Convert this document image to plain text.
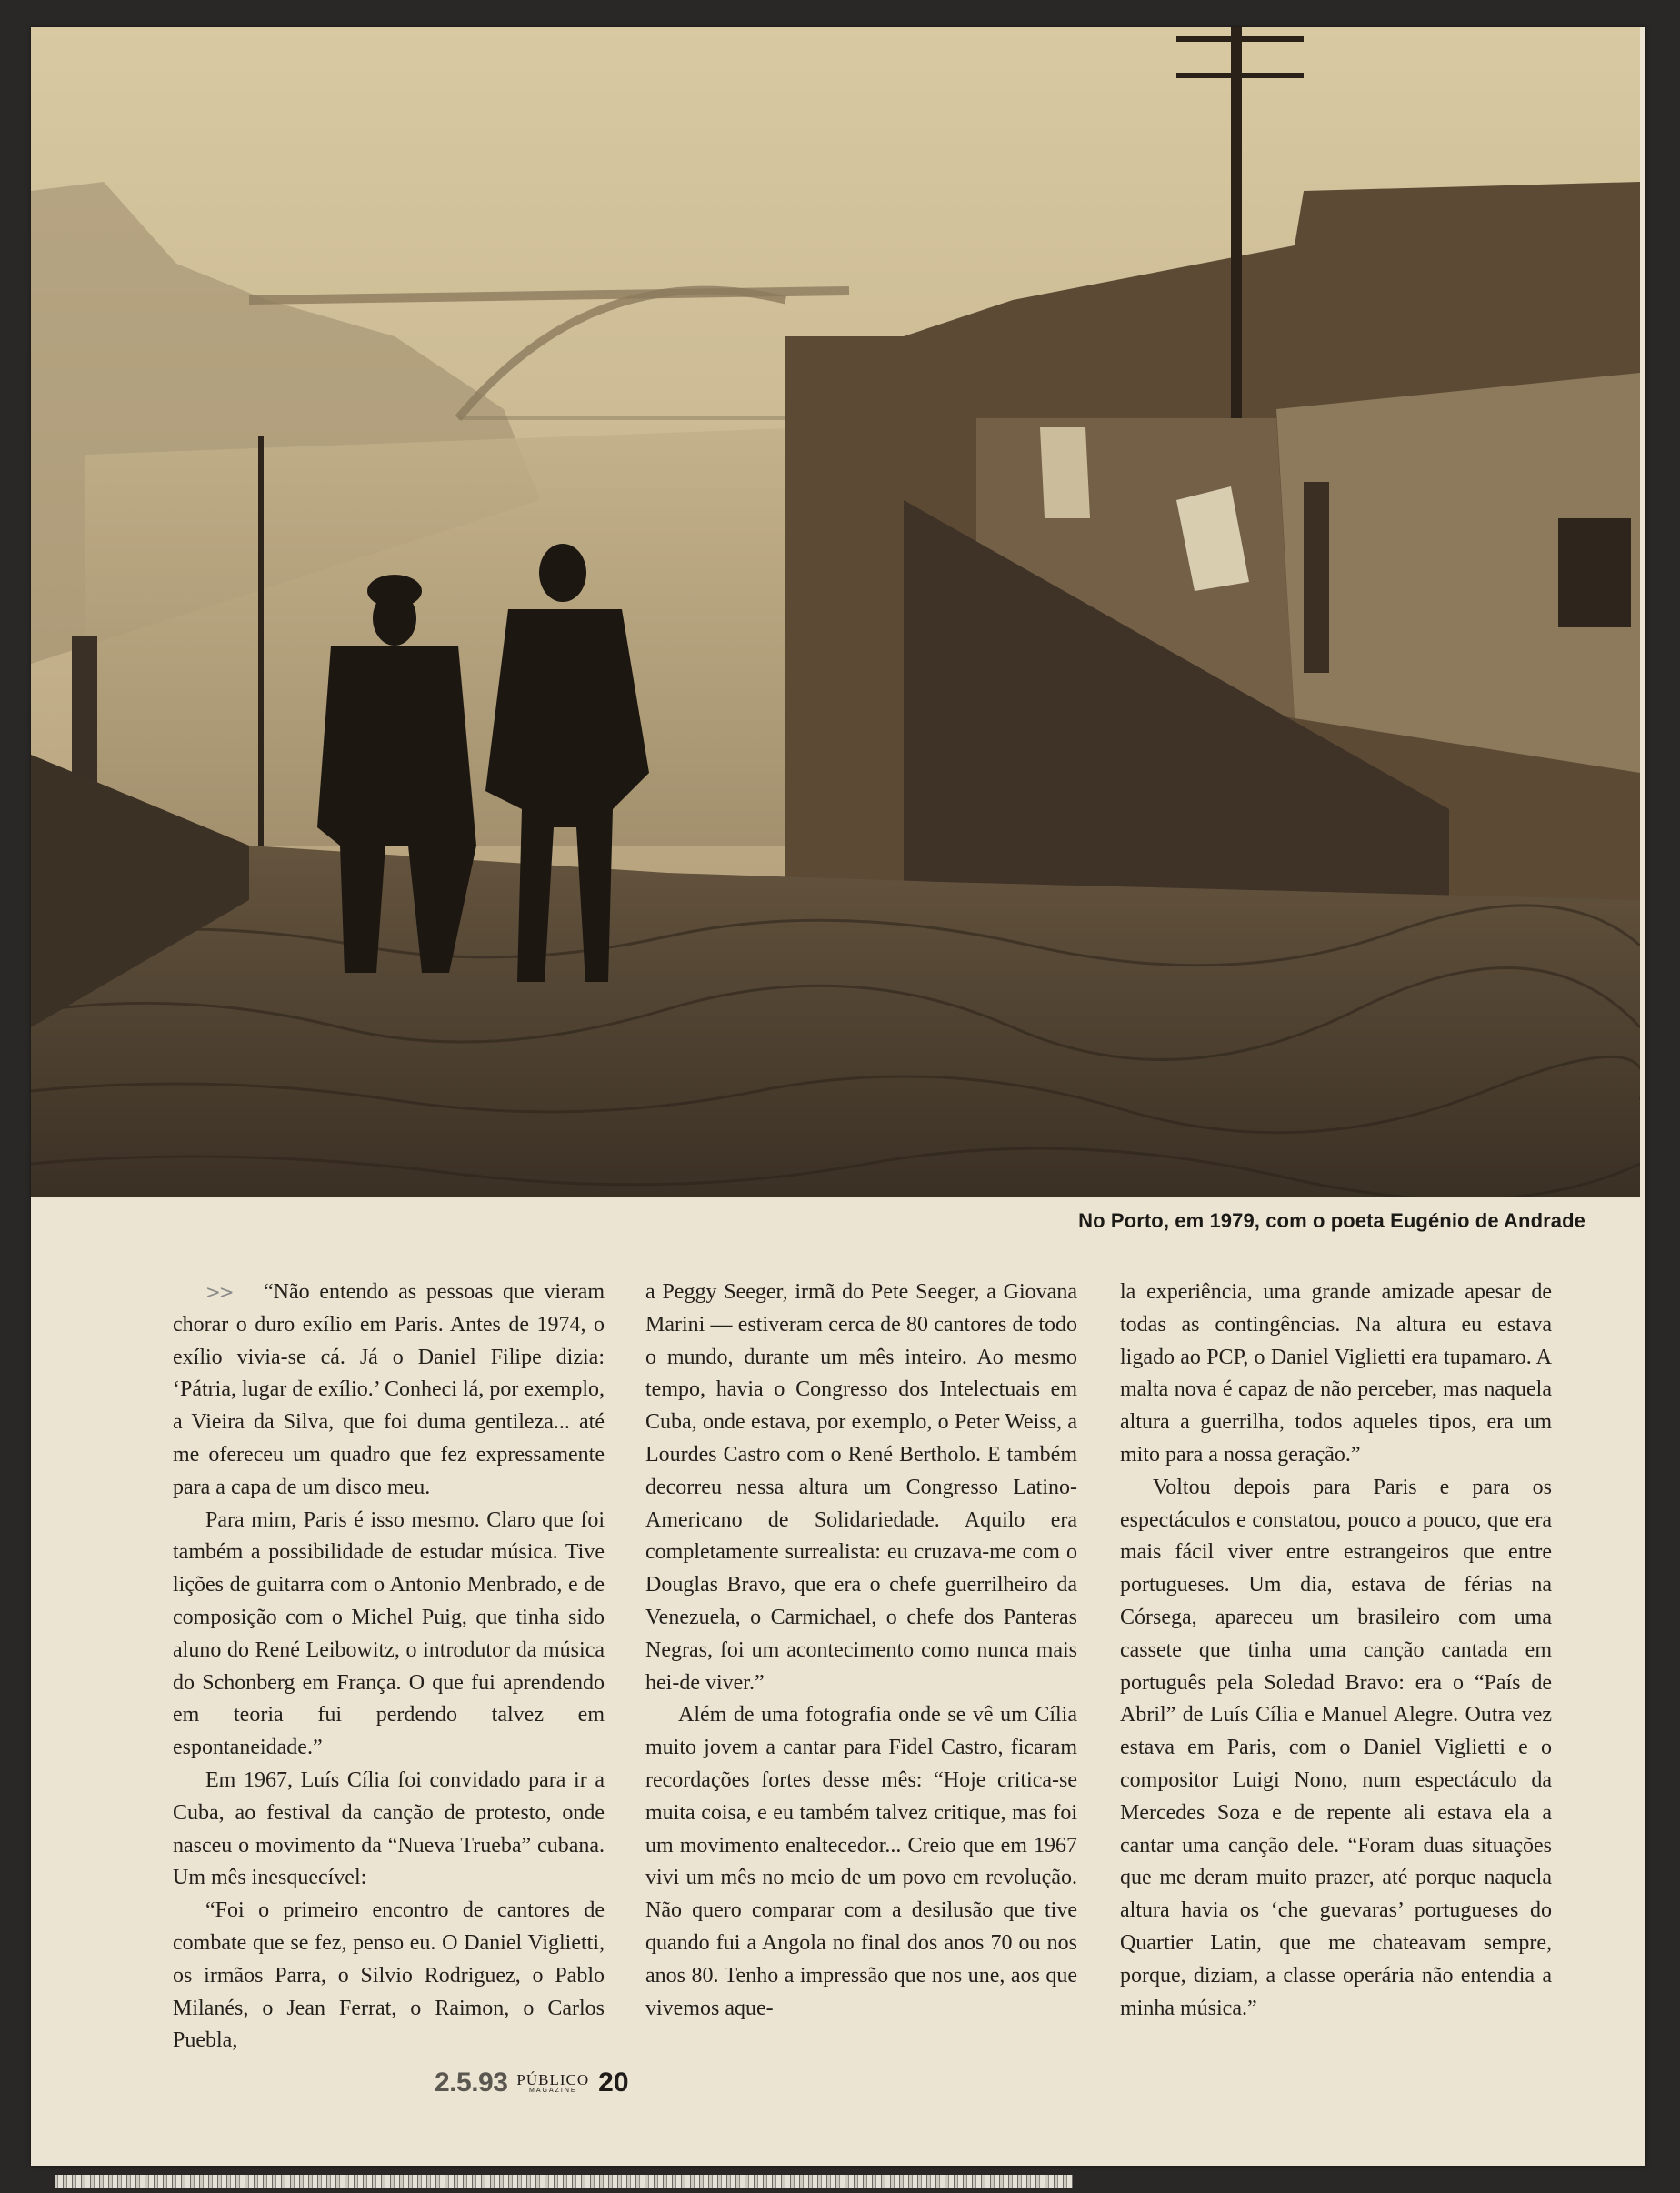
No Porto, em 1979, com o poeta Eugénio de Andrade

>> “Não entendo as pessoas que vieram chorar o duro exílio em Paris. Antes de 1974, o exílio vivia-se cá. Já o Daniel Filipe dizia: ‘Pátria, lugar de exílio.’ Conheci lá, por exemplo, a Vieira da Silva, que foi duma gentileza... até me ofereceu um quadro que fez expressamente para a capa de um disco meu.

Para mim, Paris é isso mesmo. Claro que foi também a possibilidade de estudar música. Tive lições de guitarra com o Antonio Menbrado, e de composição com o Michel Puig, que tinha sido aluno do René Leibowitz, o introdutor da música do Schonberg em França. O que fui aprendendo em teoria fui perdendo talvez em espontaneidade.”

Em 1967, Luís Cília foi convidado para ir a Cuba, ao festival da canção de protesto, onde nasceu o movimento da “Nueva Trueba” cubana. Um mês inesquecível:

“Foi o primeiro encontro de cantores de combate que se fez, penso eu. O Daniel Viglietti, os irmãos Parra, o Silvio Rodriguez, o Pablo Milanés, o Jean Ferrat, o Raimon, o Carlos Puebla,

a Peggy Seeger, irmã do Pete Seeger, a Giovana Marini — estiveram cerca de 80 cantores de todo o mundo, durante um mês inteiro. Ao mesmo tempo, havia o Congresso dos Intelectuais em Cuba, onde estava, por exemplo, o Peter Weiss, a Lourdes Castro com o René Bertholo. E também decorreu nessa altura um Congresso Latino-Americano de Solidariedade. Aquilo era completamente surrealista: eu cruzava-me com o Douglas Bravo, que era o chefe guerrilheiro da Venezuela, o Carmichael, o chefe dos Panteras Negras, foi um acontecimento como nunca mais hei-de viver.”

Além de uma fotografia onde se vê um Cília muito jovem a cantar para Fidel Castro, ficaram recordações fortes desse mês: “Hoje critica-se muita coisa, e eu também talvez critique, mas foi um movimento enaltecedor... Creio que em 1967 vivi um mês no meio de um povo em revolução. Não quero comparar com a desilusão que tive quando fui a Angola no final dos anos 70 ou nos anos 80. Tenho a impressão que nos une, aos que vivemos aque-

la experiência, uma grande amizade apesar de todas as contingências. Na altura eu estava ligado ao PCP, o Daniel Viglietti era tupamaro. A malta nova é capaz de não perceber, mas naquela altura a guerrilha, todos aqueles tipos, era um mito para a nossa geração.”

Voltou depois para Paris e para os espectáculos e constatou, pouco a pouco, que era mais fácil viver entre estrangeiros que entre portugueses. Um dia, estava de férias na Córsega, apareceu um brasileiro com uma cassete que tinha uma canção cantada em português pela Soledad Bravo: era o “País de Abril” de Luís Cília e Manuel Alegre. Outra vez estava em Paris, com o Daniel Viglietti e o compositor Luigi Nono, num espectáculo da Mercedes Soza e de repente ali estava ela a cantar uma canção dele. “Foram duas situações que me deram muito prazer, até porque naquela altura havia os ‘che guevaras’ portugueses do Quartier Latin, que me chateavam sempre, porque, diziam, a classe operária não entendia a minha música.”

2.5.93 PÚBLICO
MAGAZINE 20
